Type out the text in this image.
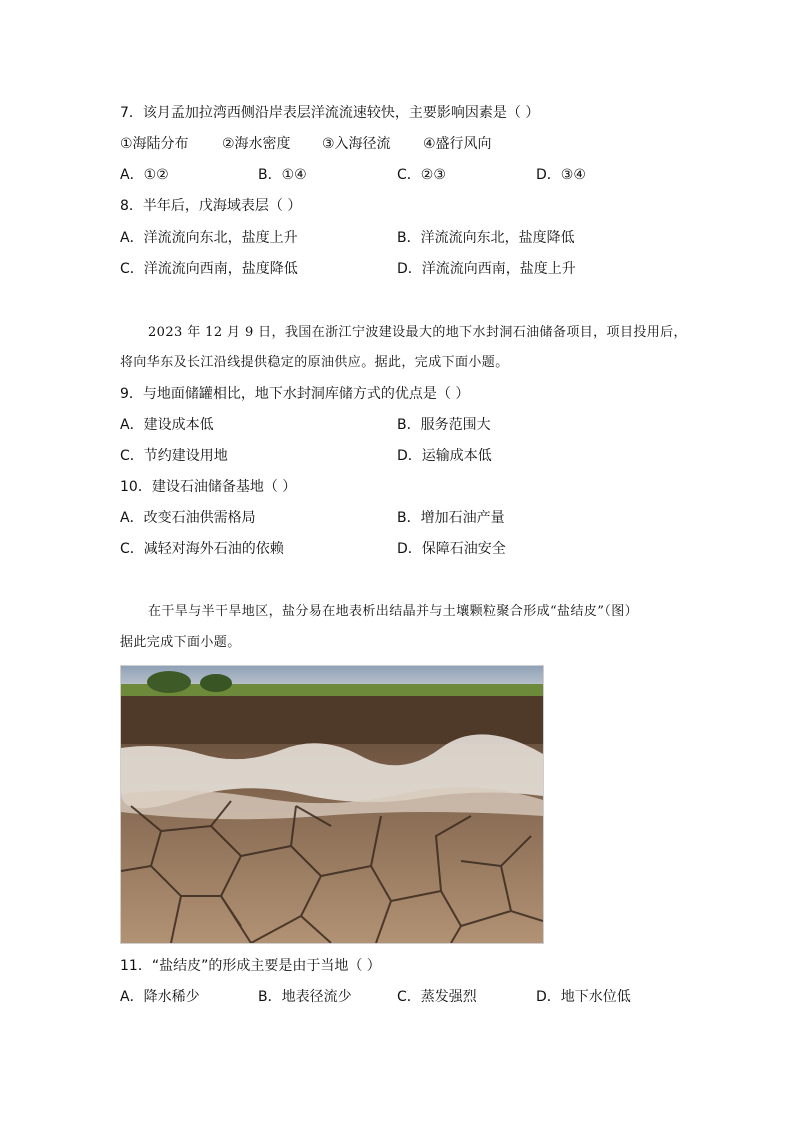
7．该月孟加拉湾西侧沿岸表层洋流流速较快，主要影响因素是（ ）
①海陆分布 ②海水密度 ③入海径流 ④盛行风向
A．①②	B．①④	C．②③	D．③④
8．半年后，戊海域表层（ ）
A．洋流流向东北，盐度上升	B．洋流流向东北，盐度降低
C．洋流流向西南，盐度降低	D．洋流流向西南，盐度上升
2023 年 12 月 9 日，我国在浙江宁波建设最大的地下水封洞石油储备项目，项目投用后，
将向华东及长江沿线提供稳定的原油供应。据此，完成下面小题。
9．与地面储罐相比，地下水封洞库储方式的优点是（ ）
A．建设成本低	B．服务范围大
C．节约建设用地	D．运输成本低
10．建设石油储备基地（ ）
A．改变石油供需格局	B．增加石油产量
C．减轻对海外石油的依赖	D．保障石油安全
在干旱与半干旱地区，盐分易在地表析出结晶并与土壤颗粒聚合形成“盐结皮”（图）
据此完成下面小题。
11．“盐结皮”的形成主要是由于当地（ ）
A．降水稀少	B．地表径流少	C．蒸发强烈	D．地下水位低
